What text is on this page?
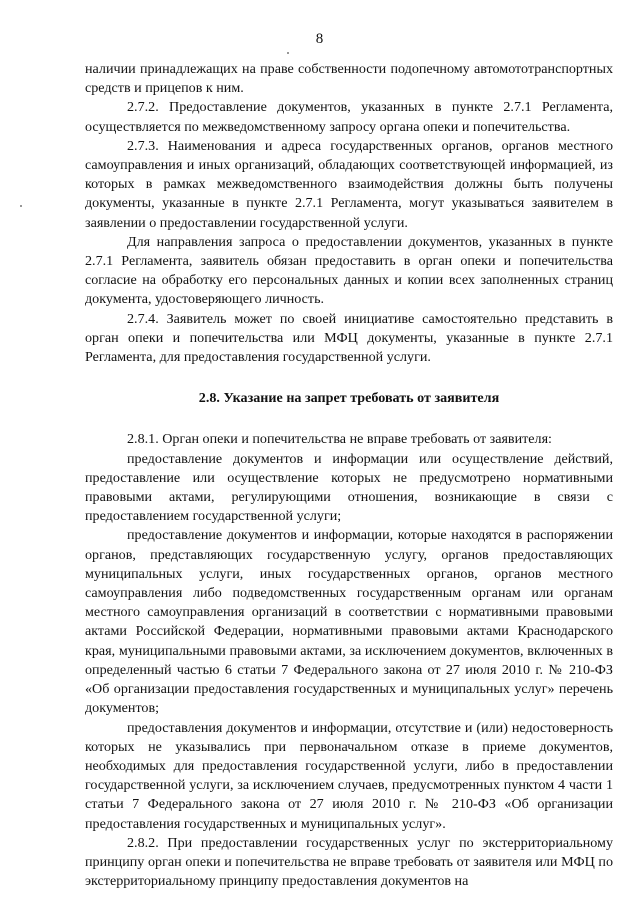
8

наличии принадлежащих на праве собственности подопечному автомототранспортных средств и прицепов к ним.

2.7.2. Предоставление документов, указанных в пункте 2.7.1 Регламента, осуществляется по межведомственному запросу органа опеки и попечительства.

2.7.3. Наименования и адреса государственных органов, органов местного самоуправления и иных организаций, обладающих соответствующей информацией, из которых в рамках межведомственного взаимодействия должны быть получены документы, указанные в пункте 2.7.1 Регламента, могут указываться заявителем в заявлении о предоставлении государственной услуги.

Для направления запроса о предоставлении документов, указанных в пункте 2.7.1 Регламента, заявитель обязан предоставить в орган опеки и попечительства согласие на обработку его персональных данных и копии всех заполненных страниц документа, удостоверяющего личность.

2.7.4. Заявитель может по своей инициативе самостоятельно представить в орган опеки и попечительства или МФЦ документы, указанные в пункте 2.7.1 Регламента, для предоставления государственной услуги.

2.8. Указание на запрет требовать от заявителя

2.8.1. Орган опеки и попечительства не вправе требовать от заявителя:

предоставление документов и информации или осуществление действий, предоставление или осуществление которых не предусмотрено нормативными правовыми актами, регулирующими отношения, возникающие в связи с предоставлением государственной услуги;

предоставление документов и информации, которые находятся в распоряжении органов, представляющих государственную услугу, органов предоставляющих муниципальных услуги, иных государственных органов, органов местного самоуправления либо подведомственных государственным органам или органам местного самоуправления организаций в соответствии с нормативными правовыми актами Российской Федерации, нормативными правовыми актами Краснодарского края, муниципальными правовыми актами, за исключением документов, включенных в определенный частью 6 статьи 7 Федерального закона от 27 июля 2010 г. № 210-ФЗ «Об организации предоставления государственных и муниципальных услуг» перечень документов;

предоставления документов и информации, отсутствие и (или) недостоверность которых не указывались при первоначальном отказе в приеме документов, необходимых для предоставления государственной услуги, либо в предоставлении государственной услуги, за исключением случаев, предусмотренных пунктом 4 части 1 статьи 7 Федерального закона от 27 июля 2010 г. № 210-ФЗ «Об организации предоставления государственных и муниципальных услуг».

2.8.2. При предоставлении государственных услуг по экстерриториальному принципу орган опеки и попечительства не вправе требовать от заявителя или МФЦ по экстерриториальному принципу предоставления документов на
